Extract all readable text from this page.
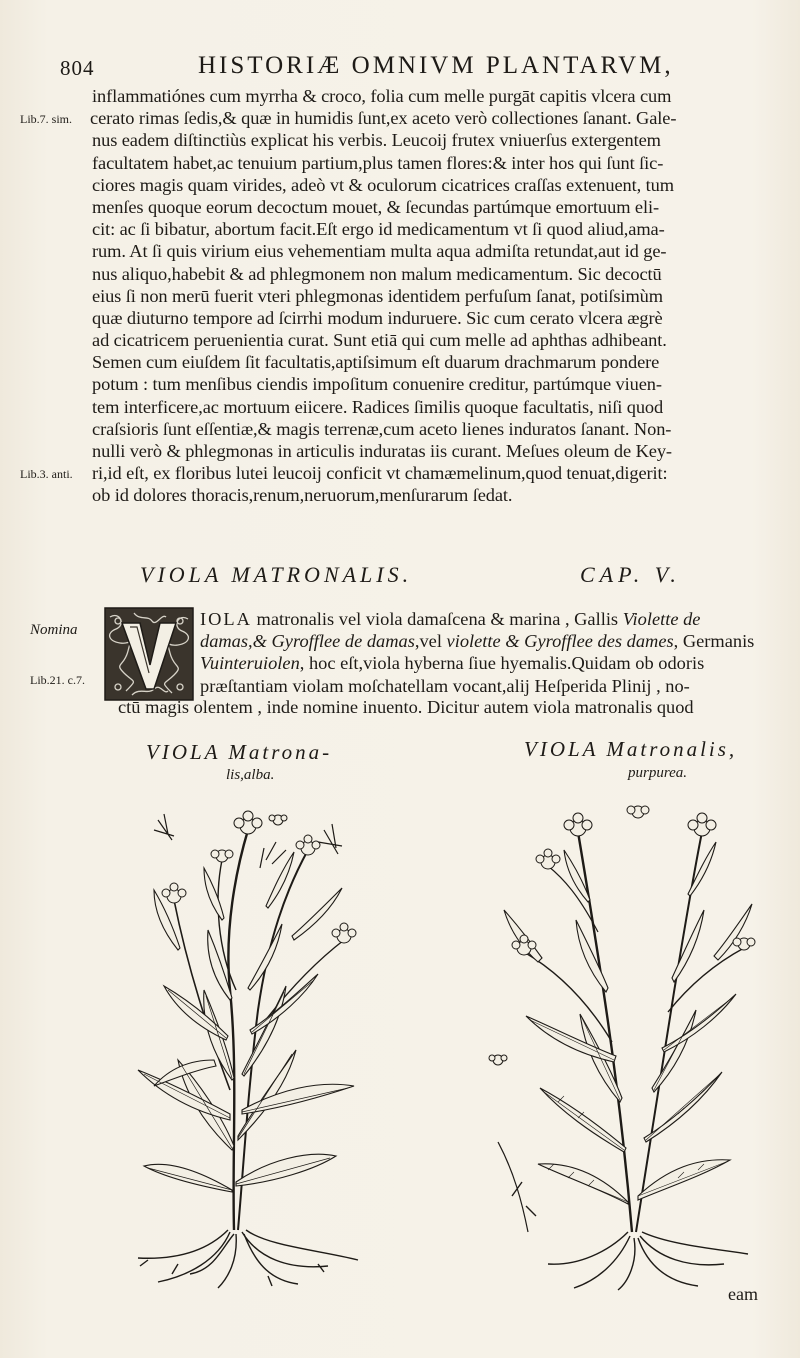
804	HISTORIÆ OMNIVM PLANTARVM,
Lib.7. sim.
Lib.3. anti.
Nomina
Lib.21. c.7.
inflammatiónes cum myrrha & croco, folia cum melle purgāt capitis vlcera cum
cerato rimas ſedis,& quæ in humidis ſunt,ex aceto verò collectiones ſanant. Gale-
nus eadem diſtinctiùs explicat his verbis. Leucoij frutex vniuerſus extergentem
facultatem habet,ac tenuium partium,plus tamen flores:& inter hos qui ſunt ſic-
ciores magis quam virides, adeò vt & oculorum cicatrices craſſas extenuent, tum
menſes quoque eorum decoctum mouet, & ſecundas partúmque emortuum eli-
cit: ac ſi bibatur, abortum facit.Eſt ergo id medicamentum vt ſi quod aliud,ama-
rum. At ſi quis virium eius vehementiam multa aqua admiſta retundat,aut id ge-
nus aliquo,habebit & ad phlegmonem non malum medicamentum. Sic decoctū
eius ſi non merū fuerit vteri phlegmonas identidem perfuſum ſanat, potiſsimùm
quæ diuturno tempore ad ſcirrhi modum induruere. Sic cum cerato vlcera ægrè
ad cicatricem peruenientia curat. Sunt etiā qui cum melle ad aphthas adhibeant.
Semen cum eiuſdem ſit facultatis,aptiſsimum eſt duarum drachmarum pondere
potum : tum menſibus ciendis impoſitum conuenire creditur, partúmque viuen-
tem interficere,ac mortuum eiicere. Radices ſimilis quoque facultatis, niſi quod
craſsioris ſunt eſſentiæ,& magis terrenæ,cum aceto lienes induratos ſanant. Non-
nulli verò & phlegmonas in articulis induratas iis curant. Meſues oleum de Key-
ri,id eſt, ex floribus lutei leucoij conficit vt chamæmelinum,quod tenuat,digerit:
ob id dolores thoracis,renum,neruorum,menſurarum ſedat.
VIOLA MATRONALIS.	CAP. V.
IOLA matronalis vel viola damaſcena & marina , Gallis Violette de
damas,& Gyrofflee de damas,vel violette & Gyrofflee des dames, Germanis
Vuinteruiolen, hoc eſt,viola hyberna ſiue hyemalis.Quidam ob odoris
præſtantiam violam moſchatellam vocant,alij Heſperida Plinij , no-
ctū magis olentem , inde nomine inuento. Dicitur autem viola matronalis quod
VIOLA Matrona-
lis,alba.
VIOLA Matronalis,
purpurea.
eam
